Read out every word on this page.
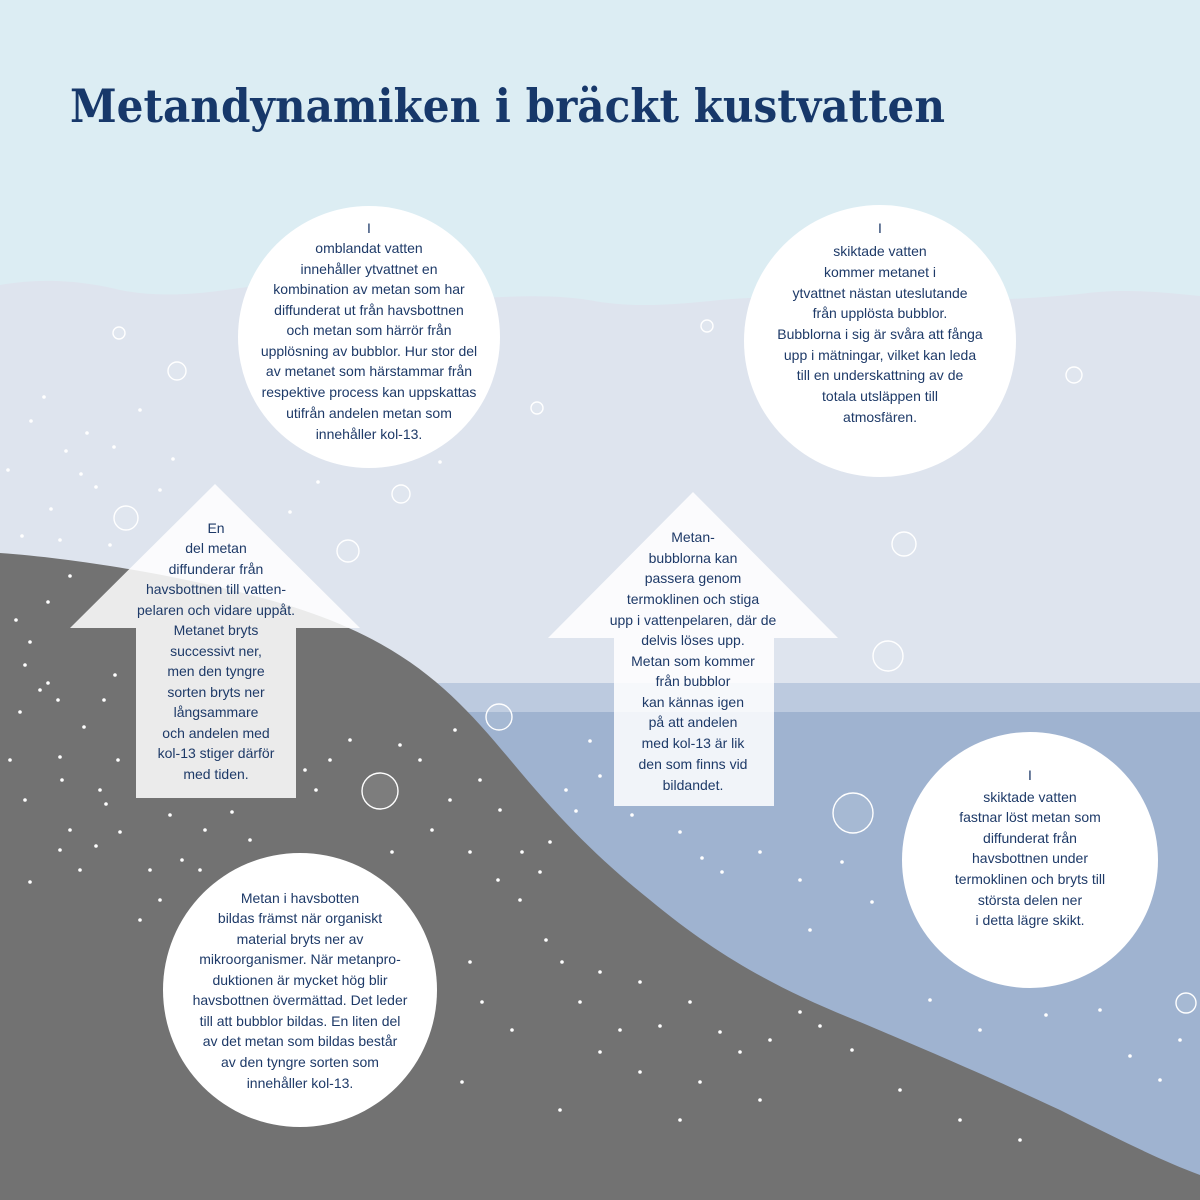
Metandynamiken i bräckt kustvatten
I
omblandat vatten
innehåller ytvattnet en
kombination av metan som har
diffunderat ut från havsbottnen
och metan som härrör från
upplösning av bubblor. Hur stor del
av metanet som härstammar från
respektive process kan uppskattas
utifrån andelen metan som
innehåller kol-13.
I
skiktade vatten
kommer metanet i
ytvattnet nästan uteslutande
från upplösta bubblor.
Bubblorna i sig är svåra att fånga
upp i mätningar, vilket kan leda
till en underskattning av de
totala utsläppen till
atmosfären.
I
skiktade vatten
fastnar löst metan som
diffunderat från
havsbottnen under
termoklinen och bryts till
största delen ner
i detta lägre skikt.
Metan i havsbotten
bildas främst när organiskt
material bryts ner av
mikroorganismer. När metanpro-
duktionen är mycket hög blir
havsbottnen övermättad. Det leder
till att bubblor bildas. En liten del
av det metan som bildas består
av den tyngre sorten som
innehåller kol-13.
En
del metan
diffunderar från
havsbottnen till vatten-
pelaren och vidare uppåt.
Metanet bryts
successivt ner,
men den tyngre
sorten bryts ner
långsammare
och andelen med
kol-13 stiger därför
med tiden.
Metan-
bubblorna kan
passera genom
termoklinen och stiga
upp i vattenpelaren, där de
delvis löses upp.
Metan som kommer
från bubblor
kan kännas igen
på att andelen
med kol-13 är lik
den som finns vid
bildandet.
